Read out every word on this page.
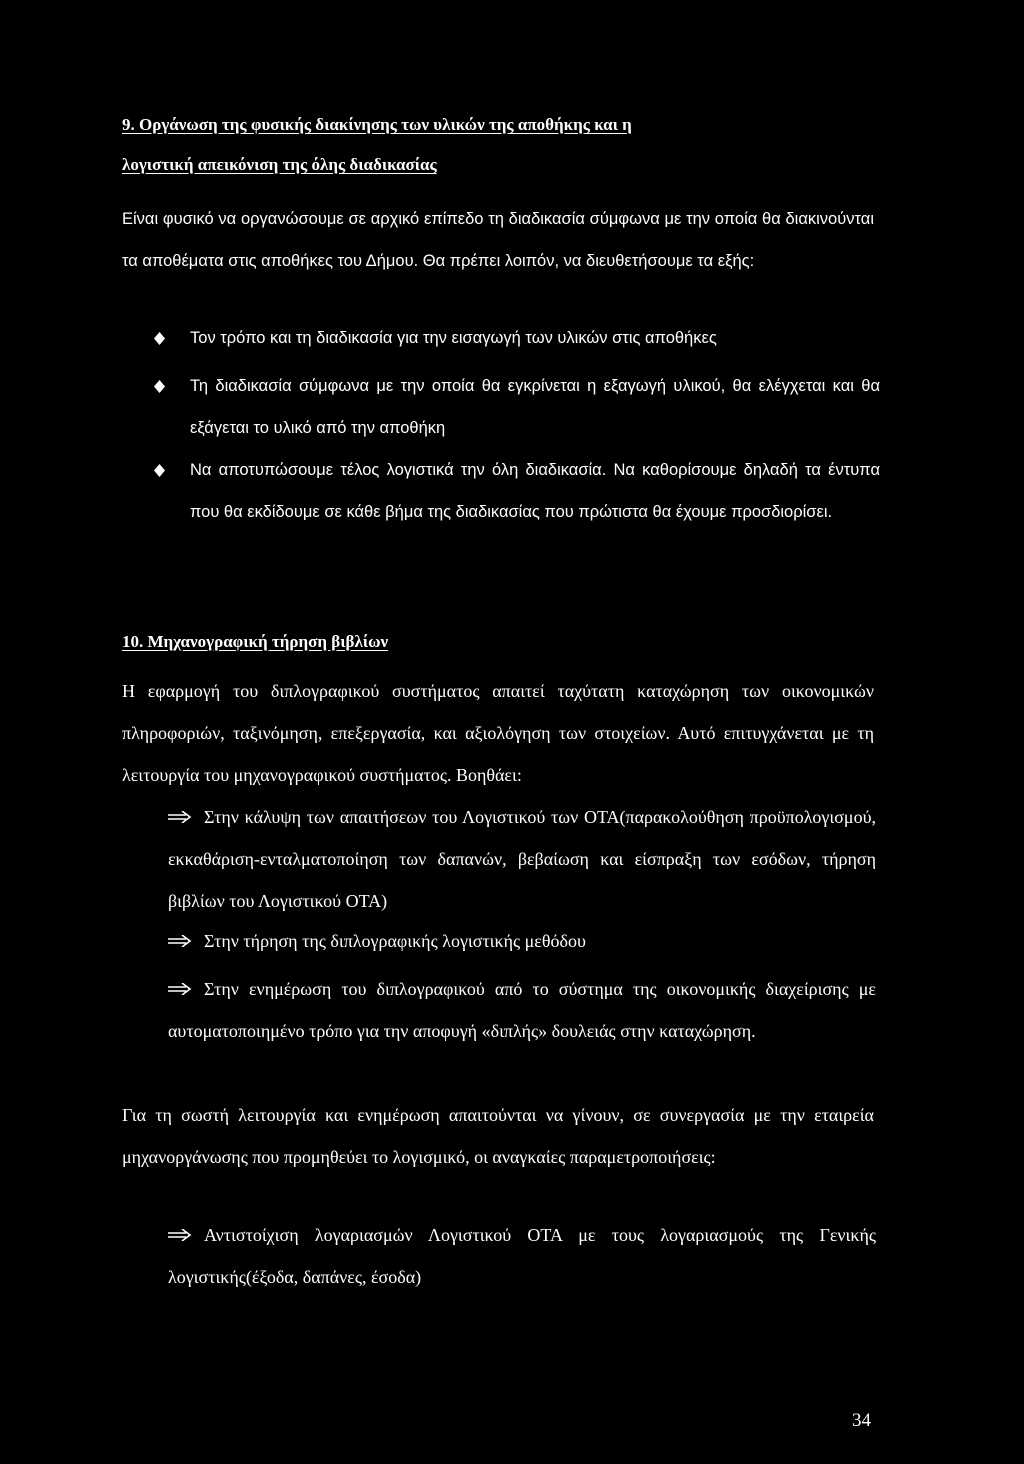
9. Οργάνωση της φυσικής διακίνησης των υλικών της αποθήκης και η
λογιστική απεικόνιση της όλης διαδικασίας

Είναι φυσικό να οργανώσουμε σε αρχικό επίπεδο τη διαδικασία σύμφωνα με την οποία θα διακινούνται τα αποθέματα στις αποθήκες του Δήμου. Θα πρέπει λοιπόν, να διευθετήσουμε τα εξής:

Τον τρόπο και τη διαδικασία για την εισαγωγή των υλικών στις αποθήκες
Τη διαδικασία σύμφωνα με την οποία θα εγκρίνεται η εξαγωγή υλικού, θα ελέγχεται και θα εξάγεται το υλικό από την αποθήκη
Να αποτυπώσουμε τέλος λογιστικά την όλη διαδικασία. Να καθορίσουμε δηλαδή τα έντυπα που θα εκδίδουμε σε κάθε βήμα της διαδικασίας που πρώτιστα θα έχουμε προσδιορίσει.
10. Μηχανογραφική τήρηση βιβλίων

Η εφαρμογή του διπλογραφικού συστήματος απαιτεί ταχύτατη καταχώρηση των οικονομικών πληροφοριών, ταξινόμηση, επεξεργασία, και αξιολόγηση των στοιχείων. Αυτό επιτυγχάνεται με τη λειτουργία του μηχανογραφικού συστήματος. Βοηθάει:

Στην κάλυψη των απαιτήσεων του Λογιστικού των ΟΤΑ(παρακολούθηση προϋπολογισμού, εκκαθάριση-ενταλματοποίηση των δαπανών, βεβαίωση και είσπραξη των εσόδων, τήρηση βιβλίων του Λογιστικού ΟΤΑ)
Στην τήρηση της διπλογραφικής λογιστικής μεθόδου
Στην ενημέρωση του διπλογραφικού από το σύστημα της οικονομικής διαχείρισης με αυτοματοποιημένο τρόπο για την αποφυγή «διπλής» δουλειάς στην καταχώρηση.

Για τη σωστή λειτουργία και ενημέρωση απαιτούνται να γίνουν, σε συνεργασία με την εταιρεία μηχανοργάνωσης που προμηθεύει το λογισμικό, οι αναγκαίες παραμετροποιήσεις:

Αντιστοίχιση λογαριασμών Λογιστικού ΟΤΑ με τους λογαριασμούς της Γενικής λογιστικής(έξοδα, δαπάνες, έσοδα)
34
